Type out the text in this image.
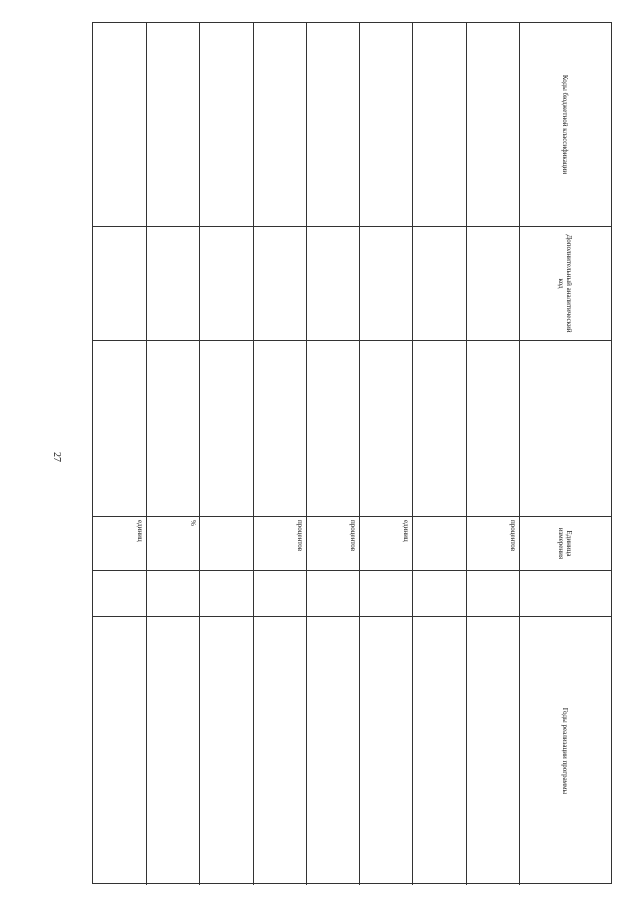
27
Коды бюджетной классификации
Дополнительный аналитический код
Единица измерения
Годы реализации программы
процентов
единиц
процентов
процентов
%
единиц
